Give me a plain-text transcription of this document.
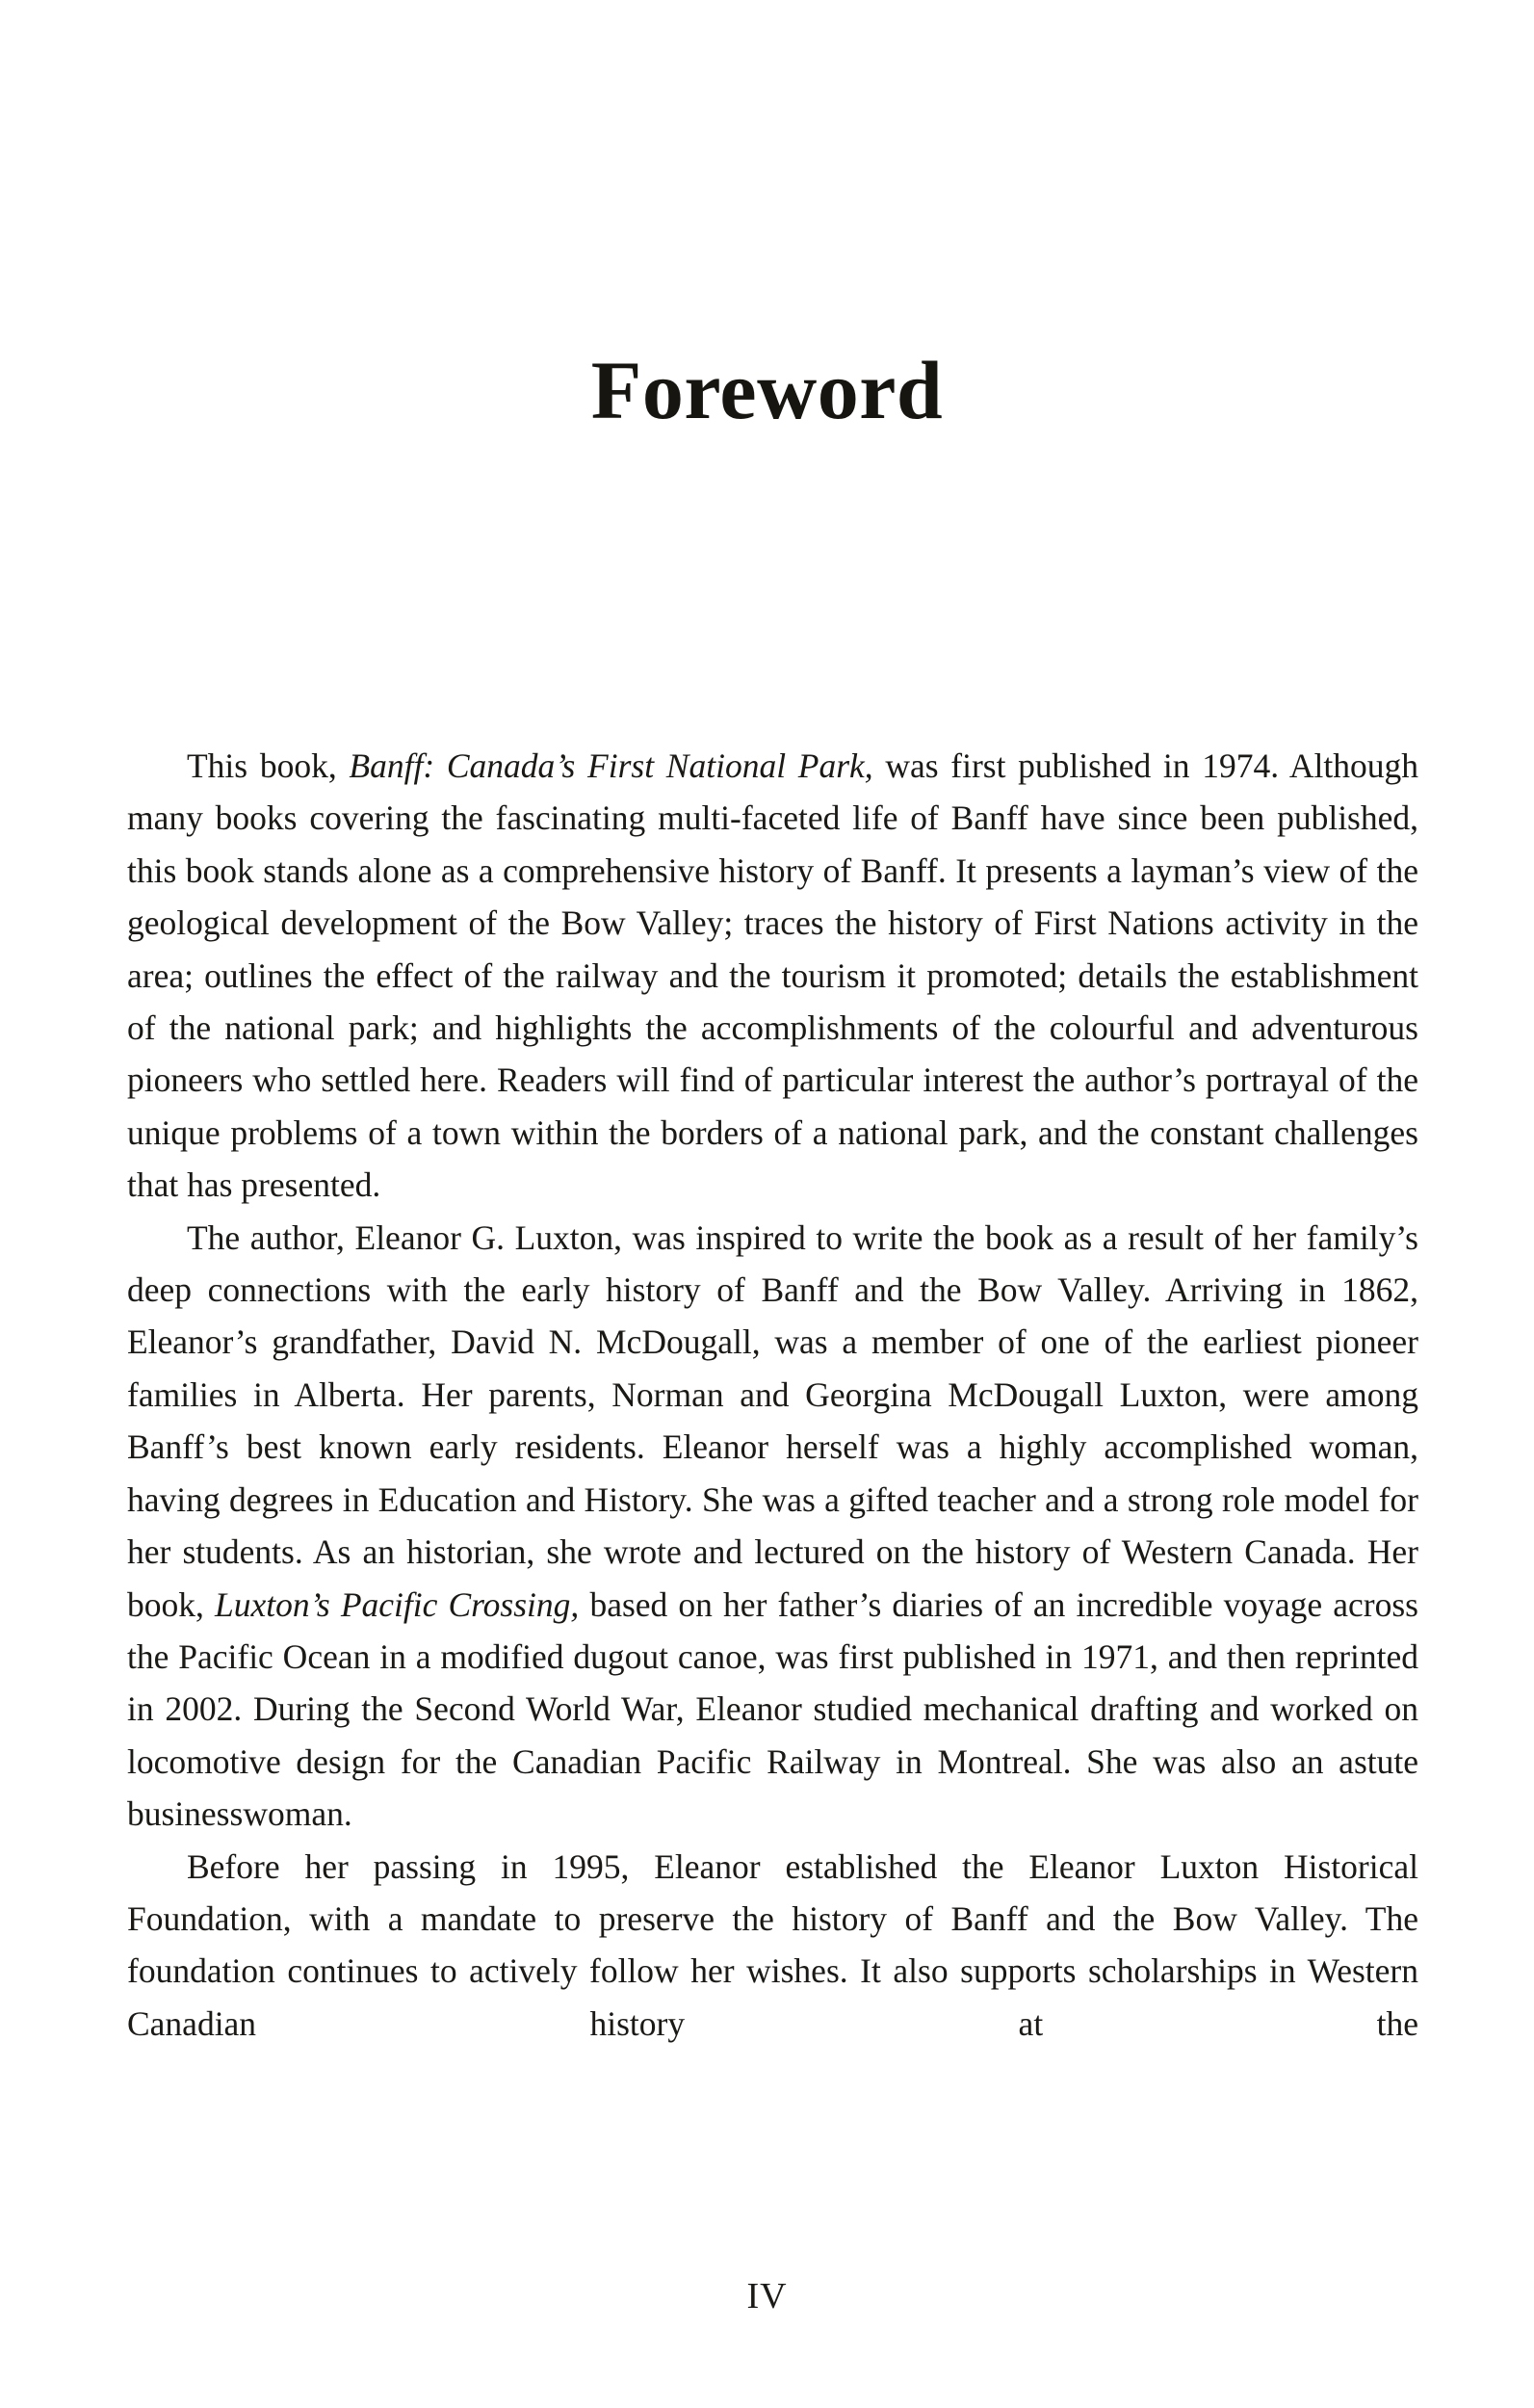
Foreword

This book, Banff: Canada’s First National Park, was first published in 1974. Although many books covering the fascinating multi-faceted life of Banff have since been published, this book stands alone as a comprehensive history of Banff. It presents a layman’s view of the geological development of the Bow Valley; traces the history of First Nations activity in the area; outlines the effect of the railway and the tourism it promoted; details the establishment of the national park; and highlights the accomplishments of the colourful and adventurous pioneers who settled here. Readers will find of particular interest the author’s portrayal of the unique problems of a town within the borders of a national park, and the constant challenges that has presented.

The author, Eleanor G. Luxton, was inspired to write the book as a result of her family’s deep connections with the early history of Banff and the Bow Valley. Arriving in 1862, Eleanor’s grandfather, David N. McDougall, was a member of one of the earliest pioneer families in Alberta. Her parents, Norman and Georgina McDougall Luxton, were among Banff’s best known early residents. Eleanor herself was a highly accomplished woman, having degrees in Education and History. She was a gifted teacher and a strong role model for her students. As an historian, she wrote and lectured on the history of Western Canada. Her book, Luxton’s Pacific Crossing, based on her father’s diaries of an incredible voyage across the Pacific Ocean in a modified dugout canoe, was first published in 1971, and then reprinted in 2002. During the Second World War, Eleanor studied mechanical drafting and worked on locomotive design for the Canadian Pacific Railway in Montreal. She was also an astute businesswoman.

Before her passing in 1995, Eleanor established the Eleanor Luxton Historical Foundation, with a mandate to preserve the history of Banff and the Bow Valley. The foundation continues to actively follow her wishes. It also supports scholarships in Western Canadian history at the

IV
